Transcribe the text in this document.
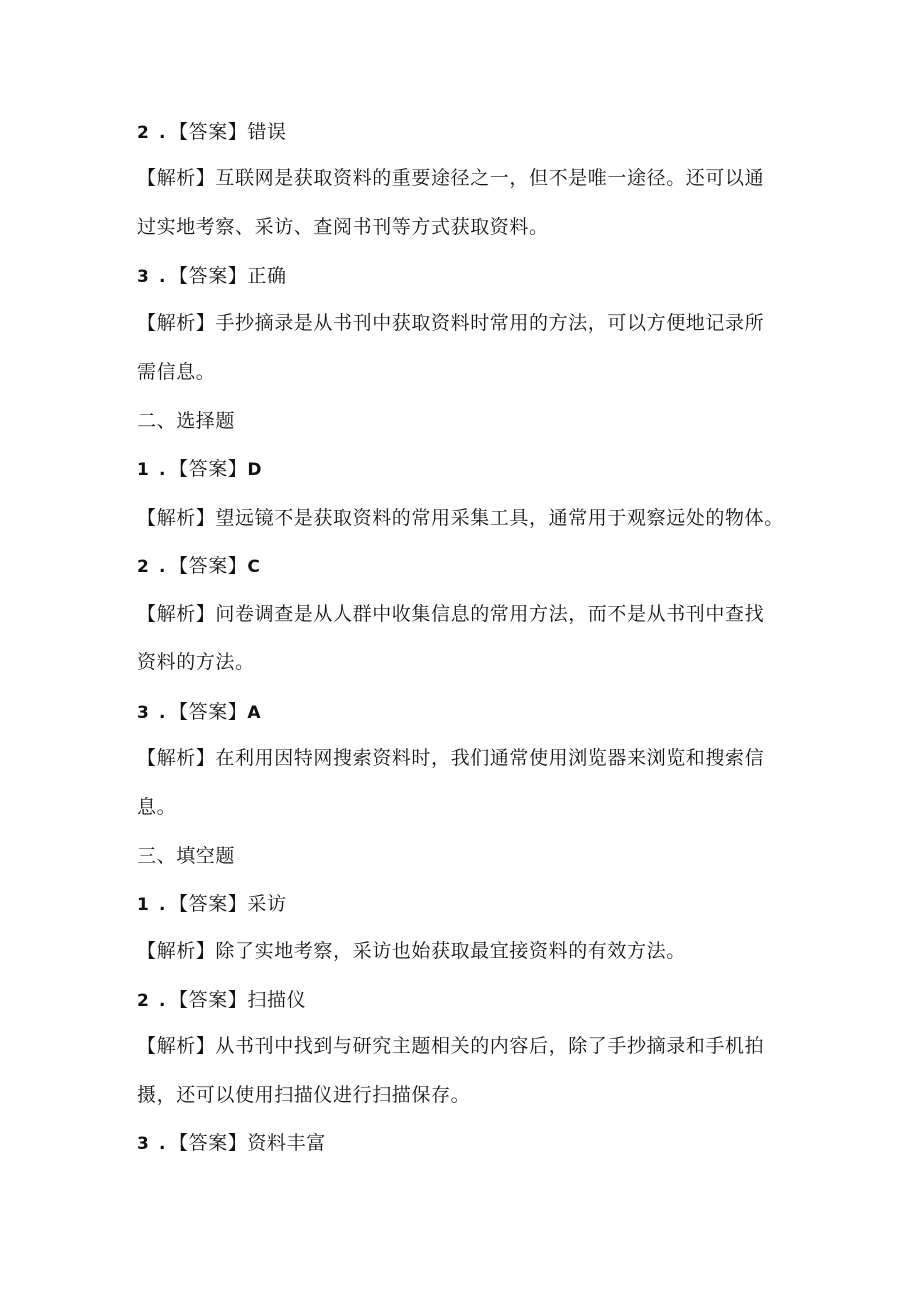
2 . 【答案】错误
【解析】互联网是获取资料的重要途径之一，但不是唯一途径。还可以通
过实地考察、采访、查阅书刊等方式获取资料。
3 . 【答案】正确
【解析】手抄摘录是从书刊中获取资料时常用的方法，可以方便地记录所
需信息。
二、选择题
1 . 【答案】D
【解析】望远镜不是获取资料的常用采集工具，通常用于观察远处的物体。
2 . 【答案】C
【解析】问卷调查是从人群中收集信息的常用方法，而不是从书刊中查找
资料的方法。
3 . 【答案】A
【解析】在利用因特网搜索资料时，我们通常使用浏览器来浏览和搜索信
息。
三、填空题
1 . 【答案】采访
【解析】除了实地考察，采访也始获取最宜接资料的有效方法。
2 . 【答案】扫描仪
【解析】从书刊中找到与研究主题相关的内容后，除了手抄摘录和手机拍
摄，还可以使用扫描仪进行扫描保存。
3 . 【答案】资料丰富
